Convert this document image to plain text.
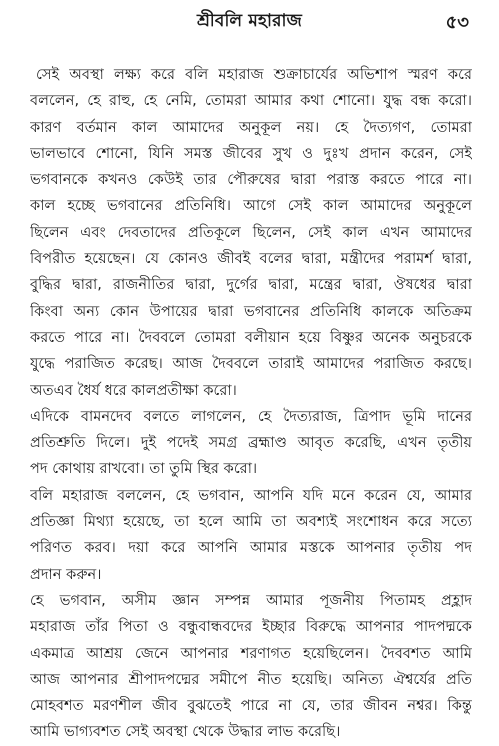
শ্রীবলি মহারাজ	৫৩
সেই অবস্থা লক্ষ্য করে বলি মহারাজ শুক্রাচার্যের অভিশাপ স্মরণ করে
বললেন, হে রাহু, হে নেমি, তোমরা আমার কথা শোনো। যুদ্ধ বন্ধ করো।
কারণ বর্তমান কাল আমাদের অনুকূল নয়। হে দৈত্যগণ, তোমরা
ভালভাবে শোনো, যিনি সমস্ত জীবের সুখ ও দুঃখ প্রদান করেন, সেই
ভগবানকে কখনও কেউই তার পৌরুষের দ্বারা পরাস্ত করতে পারে না।
কাল হচ্ছে ভগবানের প্রতিনিধি। আগে সেই কাল আমাদের অনুকূলে
ছিলেন এবং দেবতাদের প্রতিকূলে ছিলেন, সেই কাল এখন আমাদের
বিপরীত হয়েছেন। যে কোনও জীবই বলের দ্বারা, মন্ত্রীদের পরামর্শ দ্বারা,
বুদ্ধির দ্বারা, রাজনীতির দ্বারা, দুর্গের দ্বারা, মন্ত্রের দ্বারা, ঔষধের দ্বারা
কিংবা অন্য কোন উপায়ের দ্বারা ভগবানের প্রতিনিধি কালকে অতিক্রম
করতে পারে না। দৈববলে তোমরা বলীয়ান হয়ে বিষ্ণুর অনেক অনুচরকে
যুদ্ধে পরাজিত করেছ। আজ দৈববলে তারাই আমাদের পরাজিত করছে।
অতএব ধৈর্য ধরে কালপ্রতীক্ষা করো।
এদিকে বামনদেব বলতে লাগলেন, হে দৈত্যরাজ, ত্রিপাদ ভূমি দানের
প্রতিশ্রুতি দিলে। দুই পদেই সমগ্র ব্রহ্মাণ্ড আবৃত করেছি, এখন তৃতীয়
পদ কোথায় রাখবো। তা তুমি স্থির করো।
বলি মহারাজ বললেন, হে ভগবান, আপনি যদি মনে করেন যে, আমার
প্রতিজ্ঞা মিথ্যা হয়েছে, তা হলে আমি তা অবশ্যই সংশোধন করে সত্যে
পরিণত করব। দয়া করে আপনি আমার মস্তকে আপনার তৃতীয় পদ
প্রদান করুন।
হে ভগবান, অসীম জ্ঞান সম্পন্ন আমার পূজনীয় পিতামহ প্রহ্লাদ
মহারাজ তাঁর পিতা ও বন্ধুবান্ধবদের ইচ্ছার বিরুদ্ধে আপনার পাদপদ্মকে
একমাত্র আশ্রয় জেনে আপনার শরণাগত হয়েছিলেন। দৈববশত আমি
আজ আপনার শ্রীপাদপদ্মের সমীপে নীত হয়েছি। অনিত্য ঐশ্বর্যের প্রতি
মোহবশত মরণশীল জীব বুঝতেই পারে না যে, তার জীবন নশ্বর। কিন্তু
আমি ভাগ্যবশত সেই অবস্থা থেকে উদ্ধার লাভ করেছি।
